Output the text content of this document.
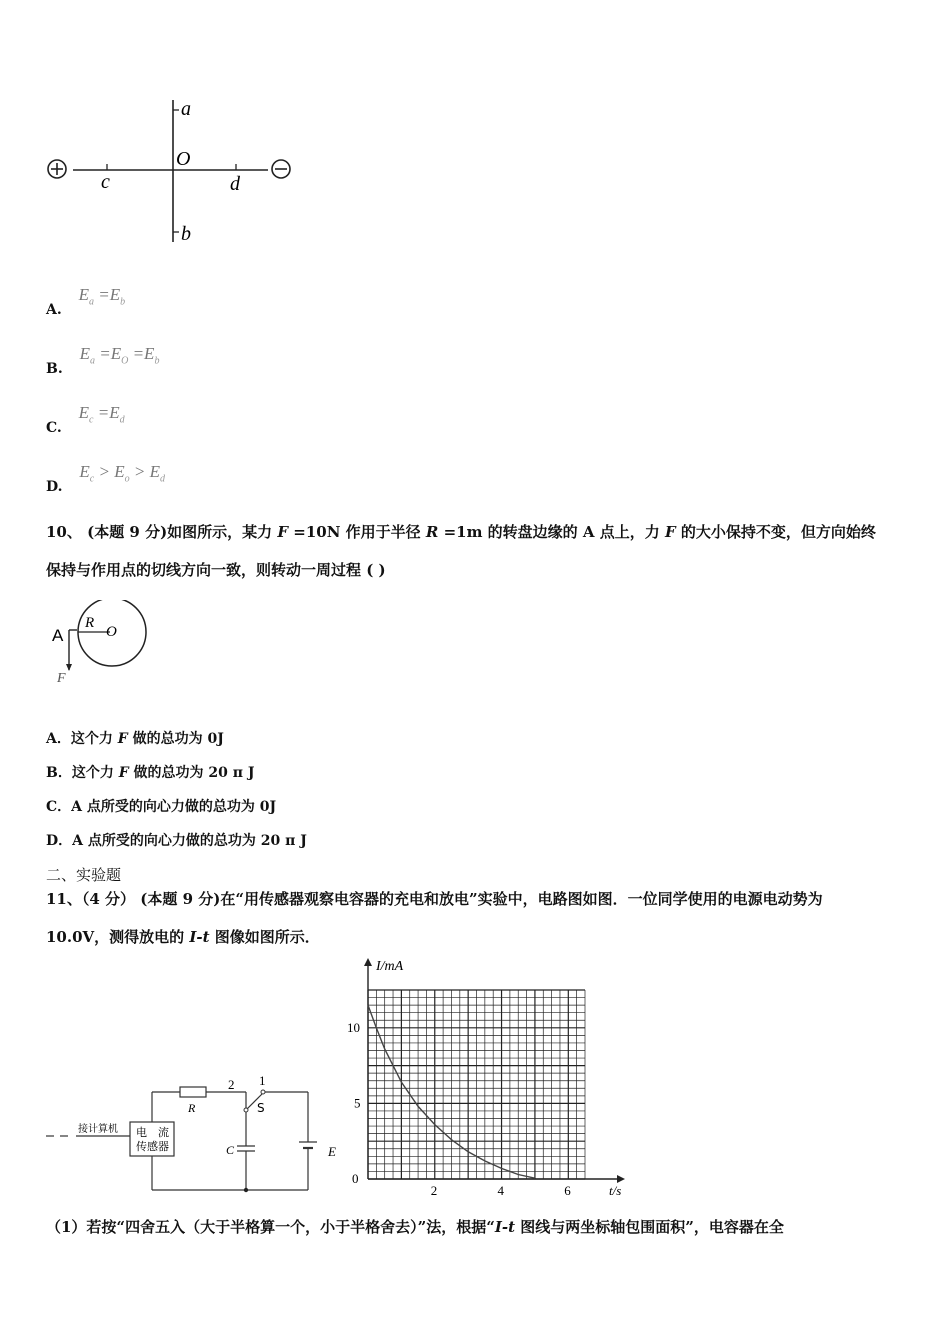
a
O
c	d
b
A. $E_a =E_b$
B. $E_a =E_O =E_b$
C. $E_c =E_d$
D. $E_c > E_o > E_d$
10、 (本题 9 分)如图所示，某力 F =10N 作用于半径 R =1m 的转盘边缘的 A 点上，力 F 的大小保持不变，但方向始终
保持与作用点的切线方向一致，则转动一周过程 ( )
A
R
O
F
A．这个力 F 做的总功为 0J
B．这个力 F 做的总功为 20 π J
C．A 点所受的向心力做的总功为 0J
D．A 点所受的向心力做的总功为 20 π J
二、实验题
11、（4 分） (本题 9 分)在“用传感器观察电容器的充电和放电”实验中，电路图如图．一位同学使用的电源电动势为
10.0V，测得放电的 I-t 图像如图所示．
接计算机 电　流
传感器
R
2 1
S
C	E
2	4	6
10
5
0
t/s
I/mA
（1）若按“四舍五入（大于半格算一个，小于半格舍去）”法，根据“I-t 图线与两坐标轴包围面积”，电容器在全
